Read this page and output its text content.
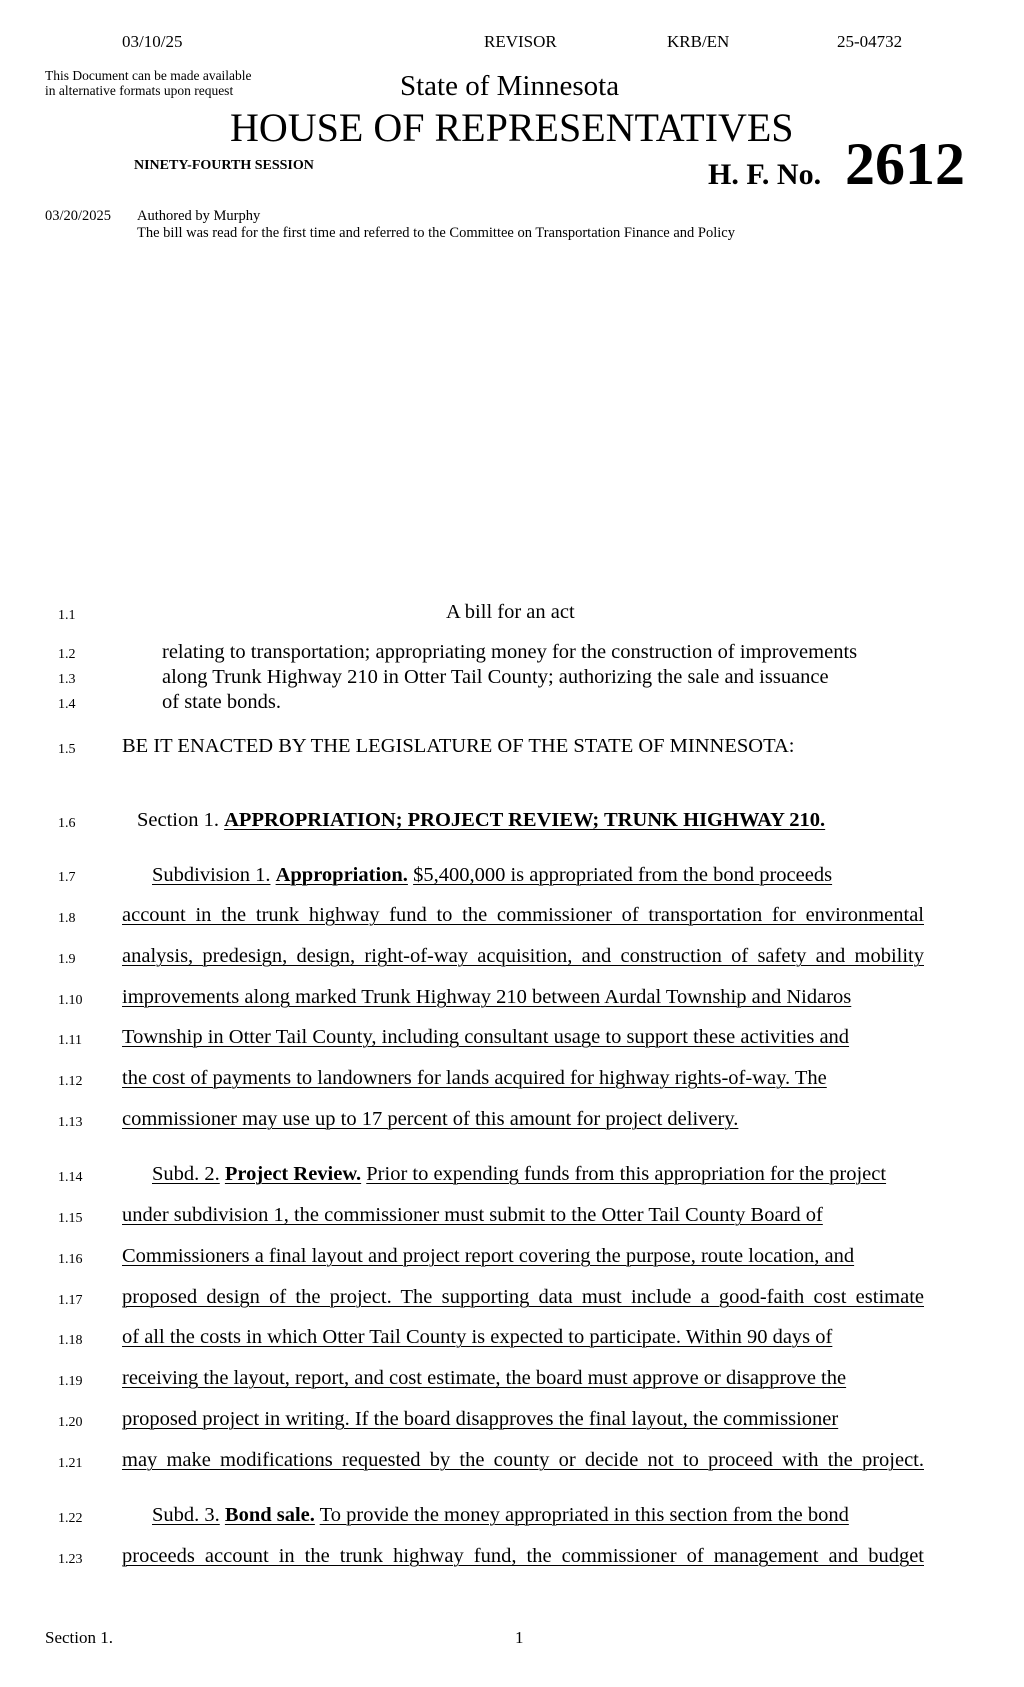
03/10/25	REVISOR	KRB/EN	25-04732
This Document can be made available
in alternative formats upon request	State of Minnesota
HOUSE OF REPRESENTATIVES
NINETY-FOURTH SESSION	H. F. No. 2612
03/20/2025 Authored by Murphy
The bill was read for the first time and referred to the Committee on Transportation Finance and Policy
1.1	A bill for an act
1.2	relating to transportation; appropriating money for the construction of improvements
1.3	along Trunk Highway 210 in Otter Tail County; authorizing the sale and issuance
1.4	of state bonds.
1.5 BE IT ENACTED BY THE LEGISLATURE OF THE STATE OF MINNESOTA:
1.6	Section 1. APPROPRIATION; PROJECT REVIEW; TRUNK HIGHWAY 210.
1.7	Subdivision 1. Appropriation. $5,400,000 is appropriated from the bond proceeds
1.8 account in the trunk highway fund to the commissioner of transportation for environmental
1.9 analysis, predesign, design, right-of-way acquisition, and construction of safety and mobility
1.10 improvements along marked Trunk Highway 210 between Aurdal Township and Nidaros
1.11 Township in Otter Tail County, including consultant usage to support these activities and
1.12 the cost of payments to landowners for lands acquired for highway rights-of-way. The
1.13 commissioner may use up to 17 percent of this amount for project delivery.
1.14	Subd. 2. Project Review. Prior to expending funds from this appropriation for the project
1.15 under subdivision 1, the commissioner must submit to the Otter Tail County Board of
1.16 Commissioners a final layout and project report covering the purpose, route location, and
1.17 proposed design of the project. The supporting data must include a good-faith cost estimate
1.18 of all the costs in which Otter Tail County is expected to participate. Within 90 days of
1.19 receiving the layout, report, and cost estimate, the board must approve or disapprove the
1.20 proposed project in writing. If the board disapproves the final layout, the commissioner
1.21 may make modifications requested by the county or decide not to proceed with the project.
1.22	Subd. 3. Bond sale. To provide the money appropriated in this section from the bond
1.23 proceeds account in the trunk highway fund, the commissioner of management and budget
Section 1.	1
